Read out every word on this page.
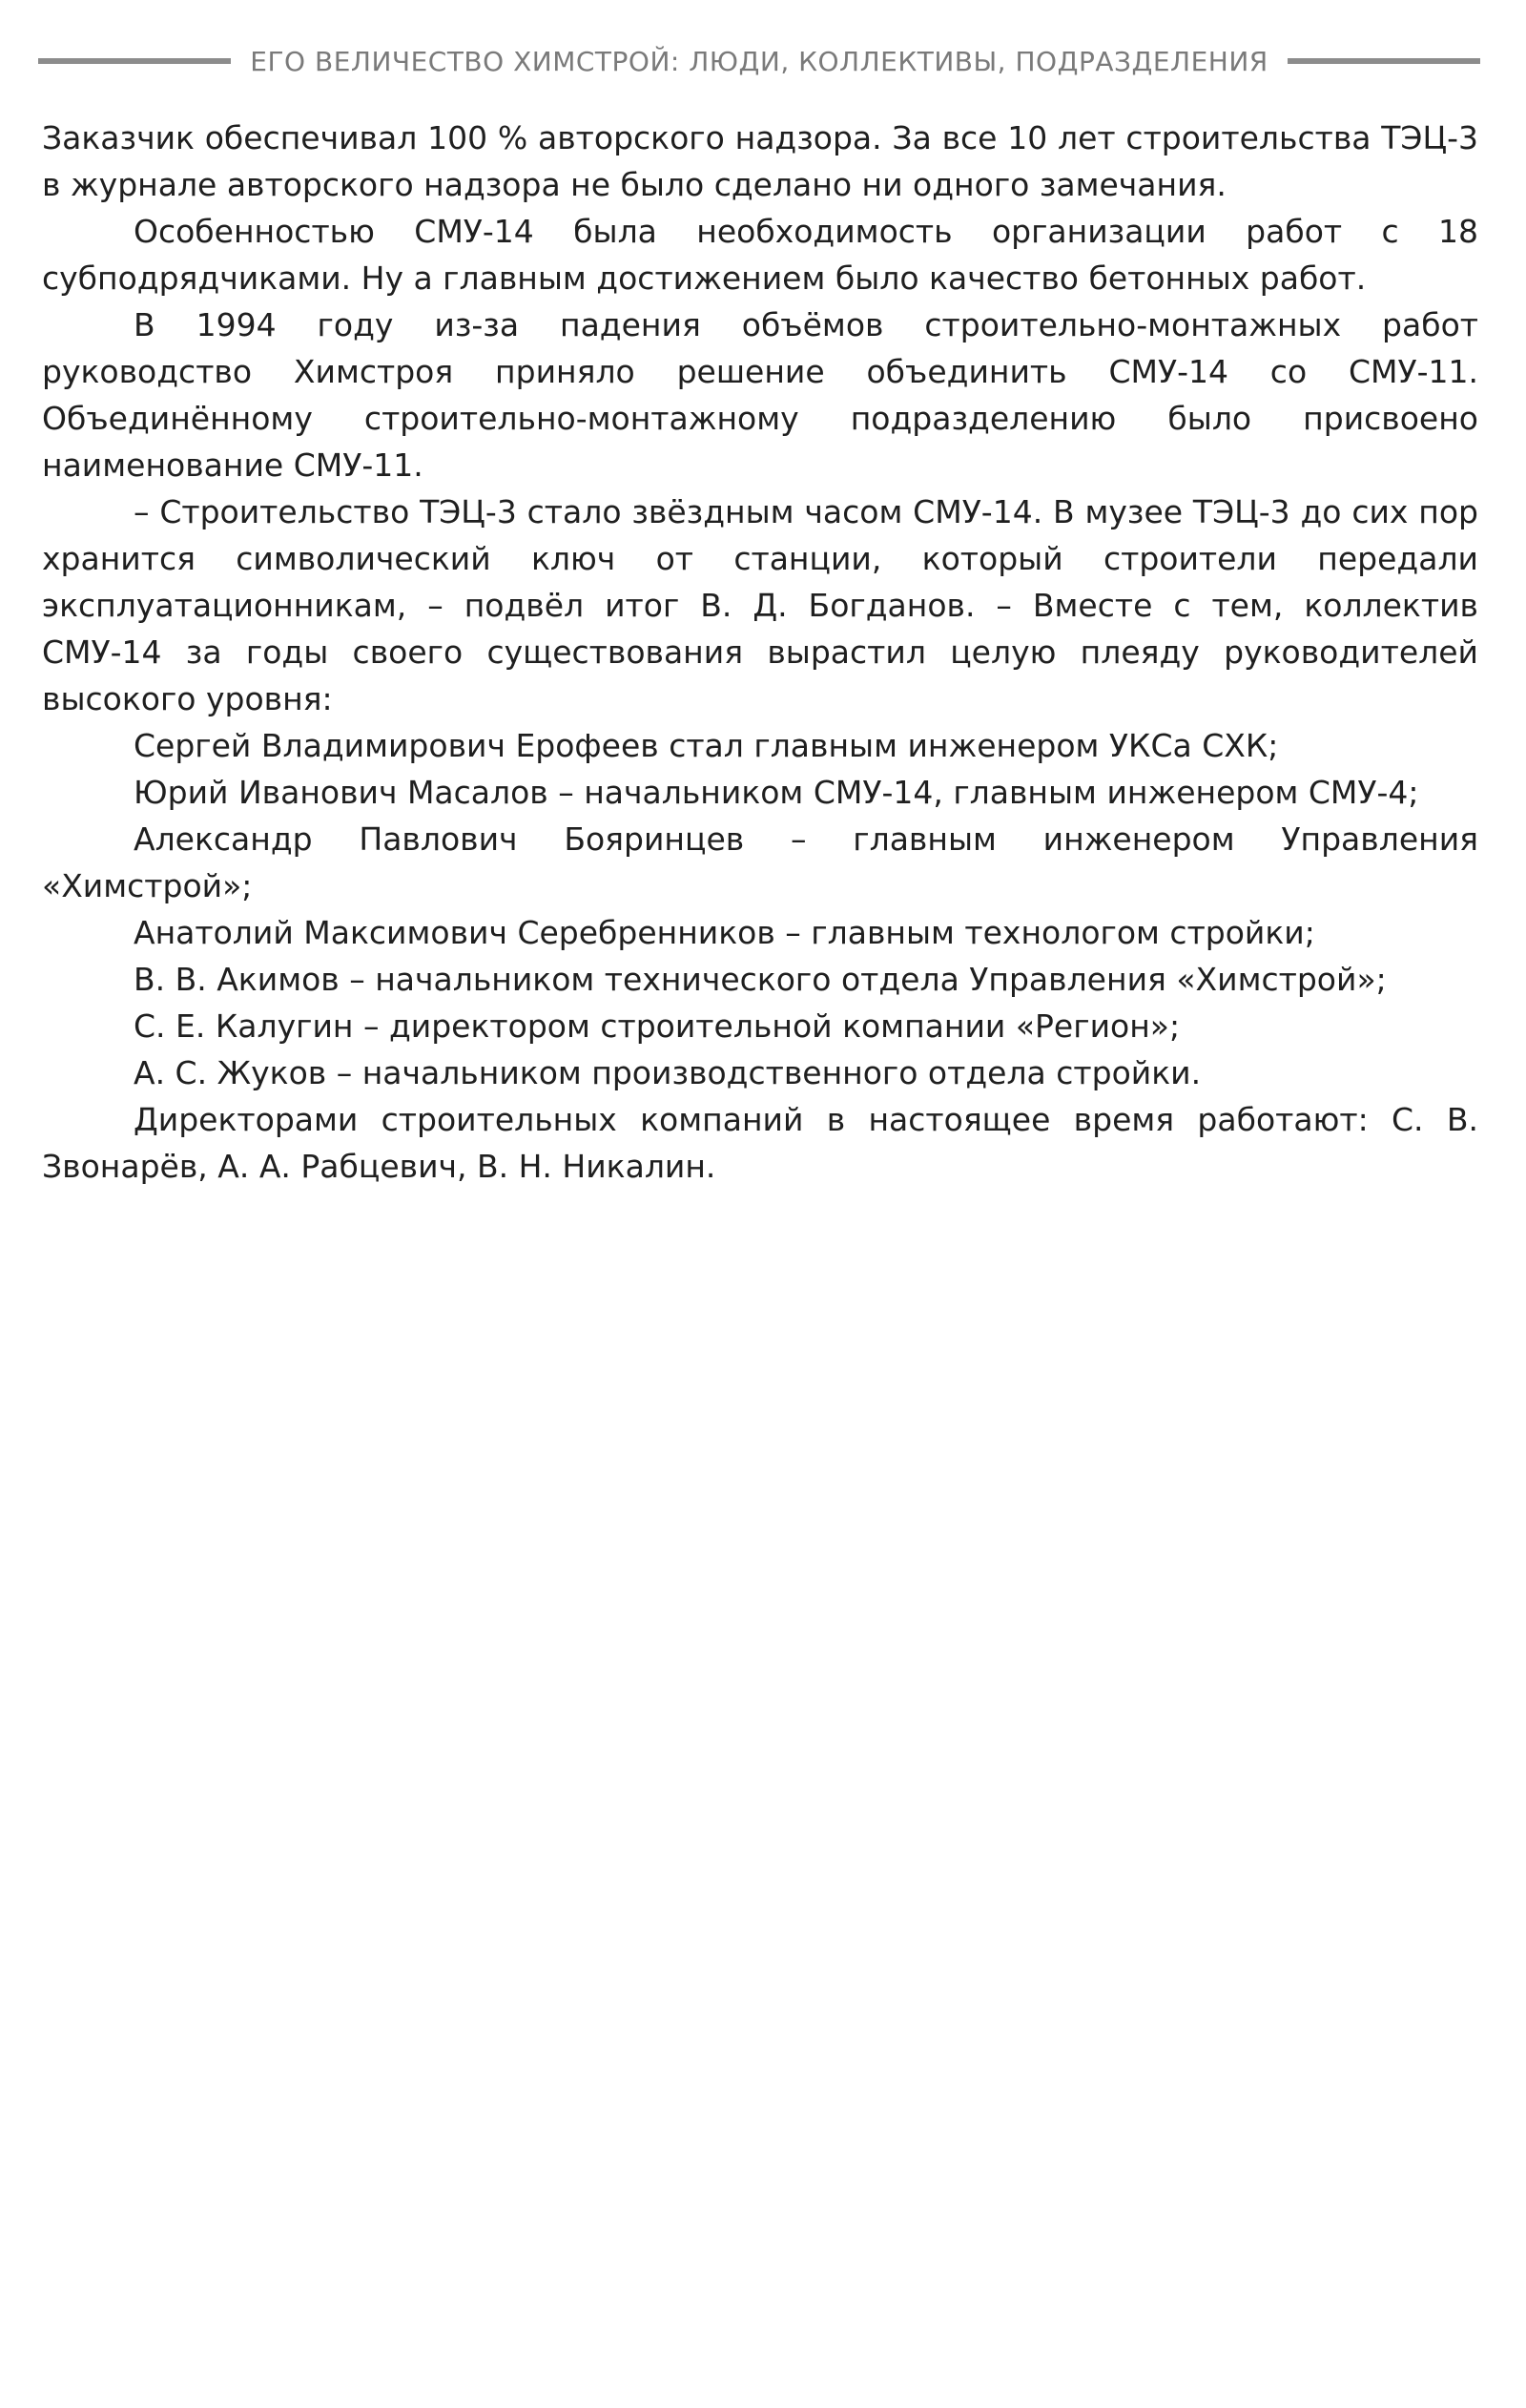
ЕГО ВЕЛИЧЕСТВО ХИМСТРОЙ: ЛЮДИ, КОЛЛЕКТИВЫ, ПОДРАЗДЕЛЕНИЯ

Заказчик обеспечивал 100 % авторского надзора. За все 10 лет строительства ТЭЦ-3 в журнале авторского надзора не было сделано ни одного замечания.

Особенностью СМУ-14 была необходимость организации работ с 18 субподрядчиками. Ну а главным достижением было качество бетонных работ.

В 1994 году из-за падения объёмов строительно-монтажных работ руководство Химстроя приняло решение объединить СМУ-14 со СМУ-11. Объединённому строительно-монтажному подразделению было присвоено наименование СМУ-11.

– Строительство ТЭЦ-3 стало звёздным часом СМУ-14. В музее ТЭЦ-3 до сих пор хранится символический ключ от станции, который строители передали эксплуатационникам, – подвёл итог В. Д. Богданов. – Вместе с тем, коллектив СМУ-14 за годы своего существования вырастил целую плеяду руководителей высокого уровня:

Сергей Владимирович Ерофеев стал главным инженером УКСа СХК;

Юрий Иванович Масалов – начальником СМУ-14, главным инженером СМУ-4;

Александр Павлович Бояринцев – главным инженером Управления «Химстрой»;

Анатолий Максимович Серебренников – главным технологом стройки;

В. В. Акимов – начальником технического отдела Управления «Химстрой»;

С. Е. Калугин – директором строительной компании «Регион»;

А. С. Жуков – начальником производственного отдела стройки.

Директорами строительных компаний в настоящее время работают: С. В. Звонарёв, А. А. Рабцевич, В. Н. Никалин.
